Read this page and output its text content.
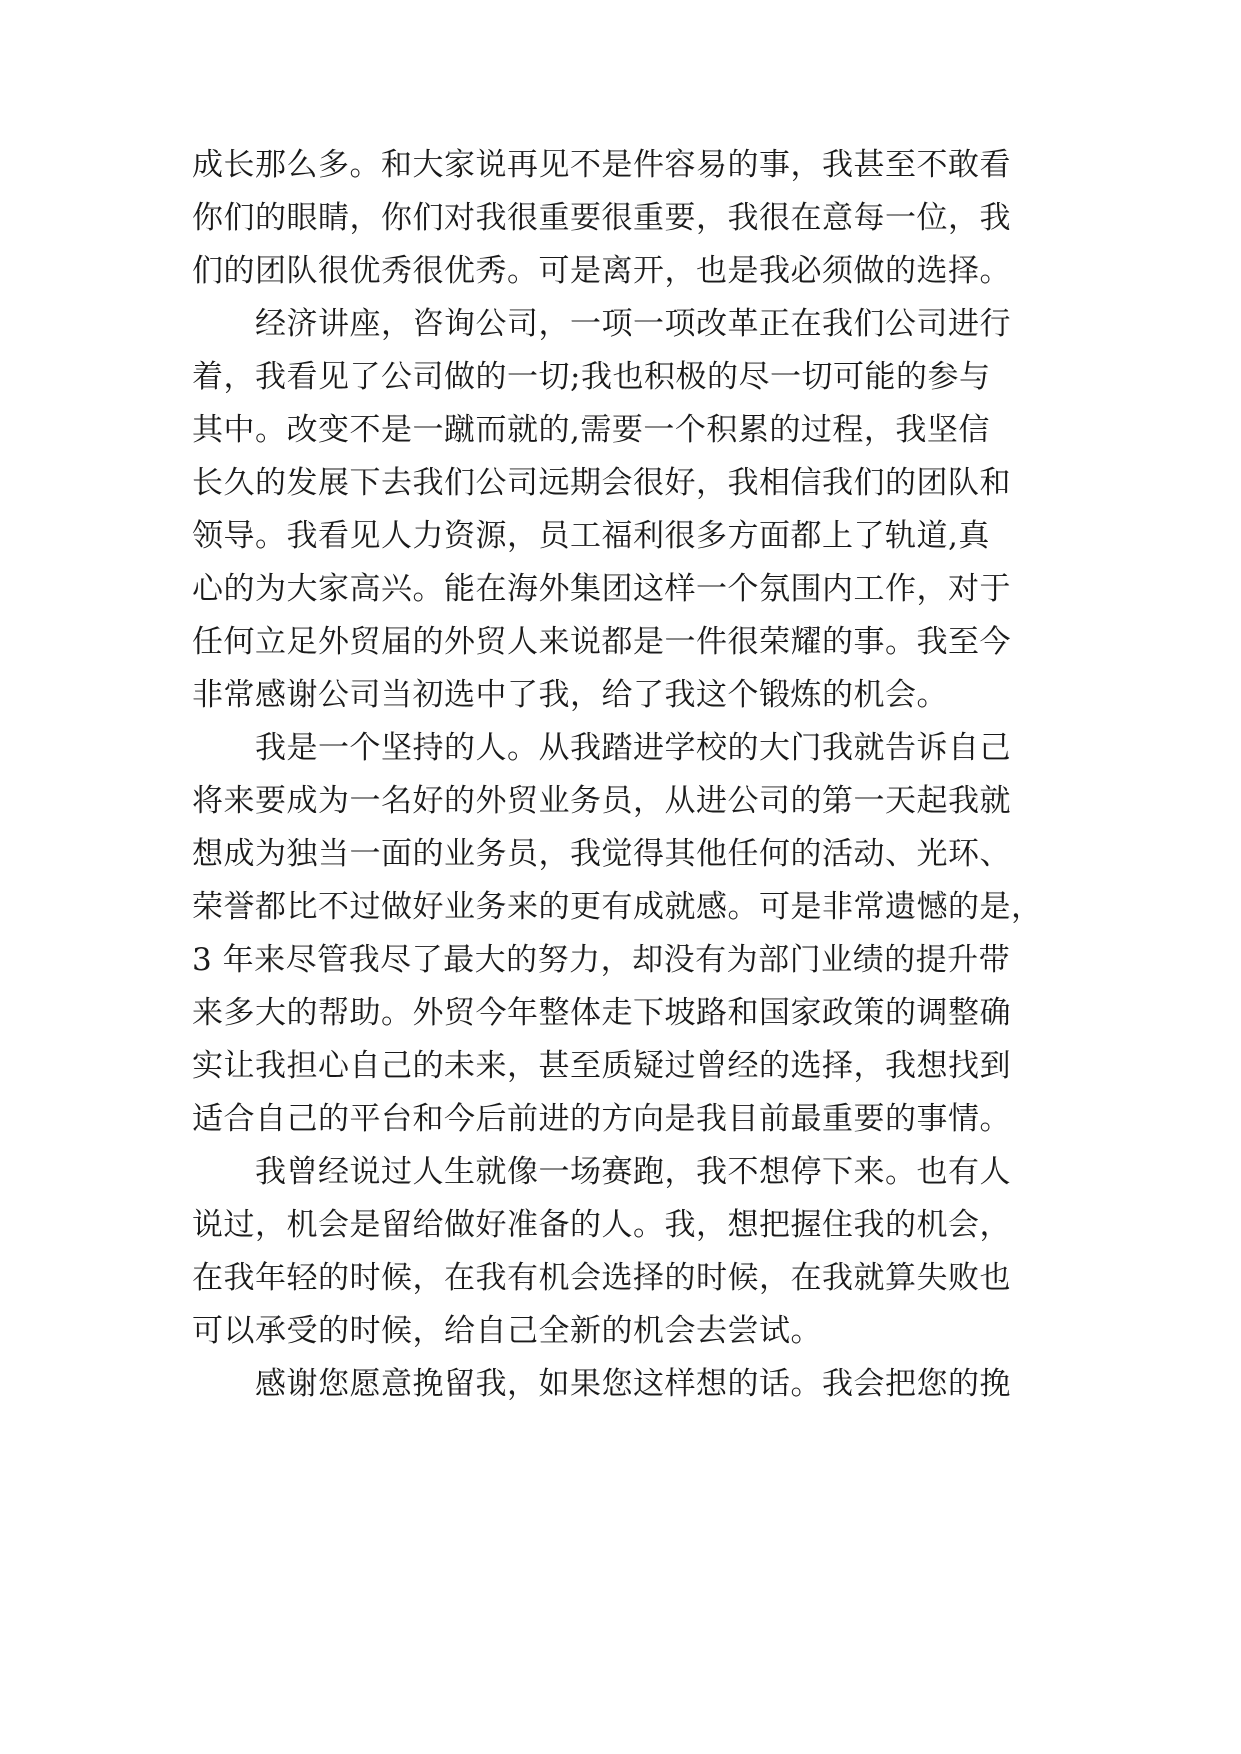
成长那么多。和大家说再见不是件容易的事，我甚至不敢看
你们的眼睛，你们对我很重要很重要，我很在意每一位，我
们的团队很优秀很优秀。可是离开，也是我必须做的选择。
经济讲座，咨询公司，一项一项改革正在我们公司进行
着，我看见了公司做的一切;我也积极的尽一切可能的参与
其中。改变不是一蹴而就的,需要一个积累的过程，我坚信
长久的发展下去我们公司远期会很好，我相信我们的团队和
领导。我看见人力资源，员工福利很多方面都上了轨道,真
心的为大家高兴。能在海外集团这样一个氛围内工作，对于
任何立足外贸届的外贸人来说都是一件很荣耀的事。我至今
非常感谢公司当初选中了我，给了我这个锻炼的机会。
我是一个坚持的人。从我踏进学校的大门我就告诉自己
将来要成为一名好的外贸业务员，从进公司的第一天起我就
想成为独当一面的业务员，我觉得其他任何的活动、光环、
荣誉都比不过做好业务来的更有成就感。可是非常遗憾的是，
3 年来尽管我尽了最大的努力，却没有为部门业绩的提升带
来多大的帮助。外贸今年整体走下坡路和国家政策的调整确
实让我担心自己的未来，甚至质疑过曾经的选择，我想找到
适合自己的平台和今后前进的方向是我目前最重要的事情。
我曾经说过人生就像一场赛跑，我不想停下来。也有人
说过，机会是留给做好准备的人。我，想把握住我的机会，
在我年轻的时候，在我有机会选择的时候，在我就算失败也
可以承受的时候，给自己全新的机会去尝试。
感谢您愿意挽留我，如果您这样想的话。我会把您的挽
